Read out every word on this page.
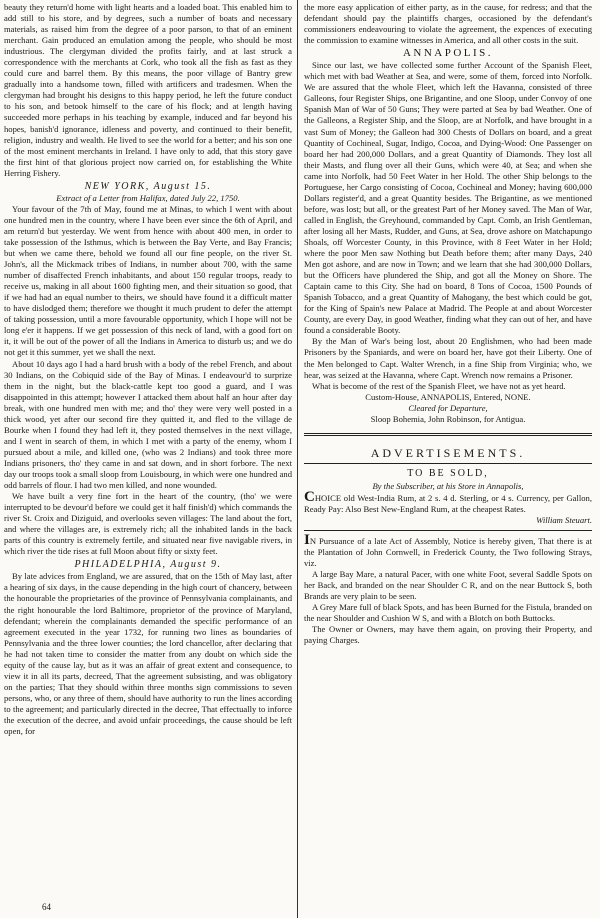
beauty they return'd home with light hearts and a loaded boat. This enabled him to add still to his store, and by degrees, such a number of boats and necessary materials, as raised him from the degree of a poor parson, to that of an eminent merchant. Gain produced an emulation among the people, who should be most industrious. The clergyman divided the profits fairly, and at last struck a correspondence with the merchants at Cork, who took all the fish as fast as they could cure and barrel them. By this means, the poor village of Bantry grew gradually into a handsome town, filled with artificers and tradesmen. When the clergyman had brought his designs to this happy period, he left the future conduct to his son, and betook himself to the care of his flock; and at length having succeeded more perhaps in his teaching by example, induced and far beyond his hopes, banish'd ignorance, idleness and poverty, and continued to their benefit, religion, industry and wealth. He lived to see the world for a better; and his son one of the most eminent merchants in Ireland. I have only to add, that this story gave the first hint of that glorious project now carried on, for establishing the White Herring Fishery.

NEW YORK, August 15.

Extract of a Letter from Halifax, dated July 22, 1750.

Your favour of the 7th of May, found me at Minas, to which I went with about one hundred men in the country, where I have been ever since the 6th of April, and am return'd but yesterday. We went from hence with about 400 men, in order to take possession of the Isthmus, which is between the Bay Verte, and Bay Francis; but when we came there, behold we found all our fine people, on the river St. John's, all the Mickmack tribes of Indians, in number about 700, with the same number of disaffected French inhabitants, and about 150 regular troops, ready to receive us, making in all about 1600 fighting men, and their situation so good, that if we had had an equal number to theirs, we should have found it a difficult matter to have dislodged them; therefore we thought it much prudent to defer the attempt of taking possession, until a more favourable opportunity, which I hope will not be long e'er it happens. If we get possession of this neck of land, with a good fort on it, it will be out of the power of all the Indians in America to disturb us; and we do not get it this summer, yet we shall the next.

About 10 days ago I had a hard brush with a body of the rebel French, and about 30 Indians, on the Cobiquid side of the Bay of Minas. I endeavour'd to surprize them in the night, but the black-cattle kept too good a guard, and I was disappointed in this attempt; however I attacked them about half an hour after day break, with one hundred men with me; and tho' they were very well posted in a thick wood, yet after our second fire they quitted it, and fled to the village de Bourke when I found they had left it, they posted themselves in the next village, and I went in search of them, in which I met with a party of the enemy, whom I pursued about a mile, and killed one, (who was 2 Indians) and took three more Indians prisoners, tho' they came in and sat down, and in short forbore. The next day our troops took a small sloop from Louisbourg, in which were one hundred and odd barrels of flour. I had two men killed, and none wounded.

We have built a very fine fort in the heart of the country, (tho' we were interrupted to be devour'd before we could get it half finish'd) which commands the river St. Croix and Diziguid, and overlooks seven villages: The land about the fort, and where the villages are, is extremely rich; all the inhabited lands in the back parts of this country is extremely fertile, and situated near five navigable rivers, in which river the tide rises at full Moon about fifty or sixty feet.

PHILADELPHIA, August 9.

By late advices from England, we are assured, that on the 15th of May last, after a hearing of six days, in the cause depending in the high court of chancery, between the honourable the proprietaries of the province of Pennsylvania complainants, and the right honourable the lord Baltimore, proprietor of the province of Maryland, defendant; wherein the complainants demanded the specific performance of an agreement executed in the year 1732, for running two lines as boundaries of Pennsylvania and the three lower counties; the lord chancellor, after declaring that he had not taken time to consider the matter from any doubt on which side the equity of the cause lay, but as it was an affair of great extent and consequence, to view it in all its parts, decreed, That the agreement subsisting, and was obligatory on the parties; That they should within three months sign commissions to seven persons, who, or any three of them, should have authority to run the lines according to the agreement; and particularly directed in the decree, That effectually to inforce the execution of the decree, and avoid unfair proceedings, the cause should be left open, for

the more easy application of either party, as in the cause, for redress; and that the defendant should pay the plaintiffs charges, occasioned by the defendant's commissioners endeavouring to violate the agreement, the expences of executing the commission to examine witnesses in America, and all other costs in the suit.

ANNAPOLIS.

Since our last, we have collected some further Account of the Spanish Fleet, which met with bad Weather at Sea, and were, some of them, forced into Norfolk. We are assured that the whole Fleet, which left the Havanna, consisted of three Galleons, four Register Ships, one Brigantine, and one Sloop, under Convoy of one Spanish Man of War of 50 Guns; They were parted at Sea by bad Weather. One of the Galleons, a Register Ship, and the Sloop, are at Norfolk, and have brought in a vast Sum of Money; the Galleon had 300 Chests of Dollars on board, and a great Quantity of Cochineal, Sugar, Indigo, Cocoa, and Dying-Wood: One Passenger on board her had 200,000 Dollars, and a great Quantity of Diamonds. They lost all their Masts, and flung over all their Guns, which were 40, at Sea; and when she came into Norfolk, had 50 Feet Water in her Hold. The other Ship belongs to the Portuguese, her Cargo consisting of Cocoa, Cochineal and Money; having 600,000 Dollars register'd, and a great Quantity besides. The Brigantine, as we mentioned before, was lost; but all, or the greatest Part of her Money saved. The Man of War, called in English, the Greyhound, commanded by Capt. Comb, an Irish Gentleman, after losing all her Masts, Rudder, and Guns, at Sea, drove ashore on Matchapungo Shoals, off Worcester County, in this Province, with 8 Feet Water in her Hold; where the poor Men saw Nothing but Death before them; after many Days, 240 Men got ashore, and are now in Town; and we learn that she had 300,000 Dollars, but the Officers have plundered the Ship, and got all the Money on Shore. The Captain came to this City. She had on board, 8 Tons of Cocoa, 1500 Pounds of Spanish Tobacco, and a great Quantity of Mahogany, the best which could be got, for the King of Spain's new Palace at Madrid. The People at and about Worcester County, are every Day, in good Weather, finding what they can out of her, and have found a considerable Booty.

By the Man of War's being lost, about 20 Englishmen, who had been made Prisoners by the Spaniards, and were on board her, have got their Liberty. One of the Men belonged to Capt. Walter Wrench, in a fine Ship from Virginia; who, we hear, was seized at the Havanna, where Capt. Wrench now remains a Prisoner.

What is become of the rest of the Spanish Fleet, we have not as yet heard.

Custom-House, ANNAPOLIS, Entered, NONE.

Cleared for Departure,

Sloop Bohemia, John Robinson, for Antigua.

ADVERTISEMENTS.

TO BE SOLD,

By the Subscriber, at his Store in Annapolis,

CHOICE old West-India Rum, at 2 s. 4 d. Sterling, or 4 s. Currency, per Gallon, Ready Pay: Also Best New-England Rum, at the cheapest Rates.

William Steuart.

IN Pursuance of a late Act of Assembly, Notice is hereby given, That there is at the Plantation of John Cornwell, in Frederick County, the Two following Strays, viz.

A large Bay Mare, a natural Pacer, with one white Foot, several Saddle Spots on her Back, and branded on the near Shoulder C R, and on the near Buttock S, both Brands are very plain to be seen.

A Grey Mare full of black Spots, and has been Burned for the Fistula, branded on the near Shoulder and Cushion W S, and with a Blotch on both Buttocks.

The Owner or Owners, may have them again, on proving their Property, and paying Charges.

64
